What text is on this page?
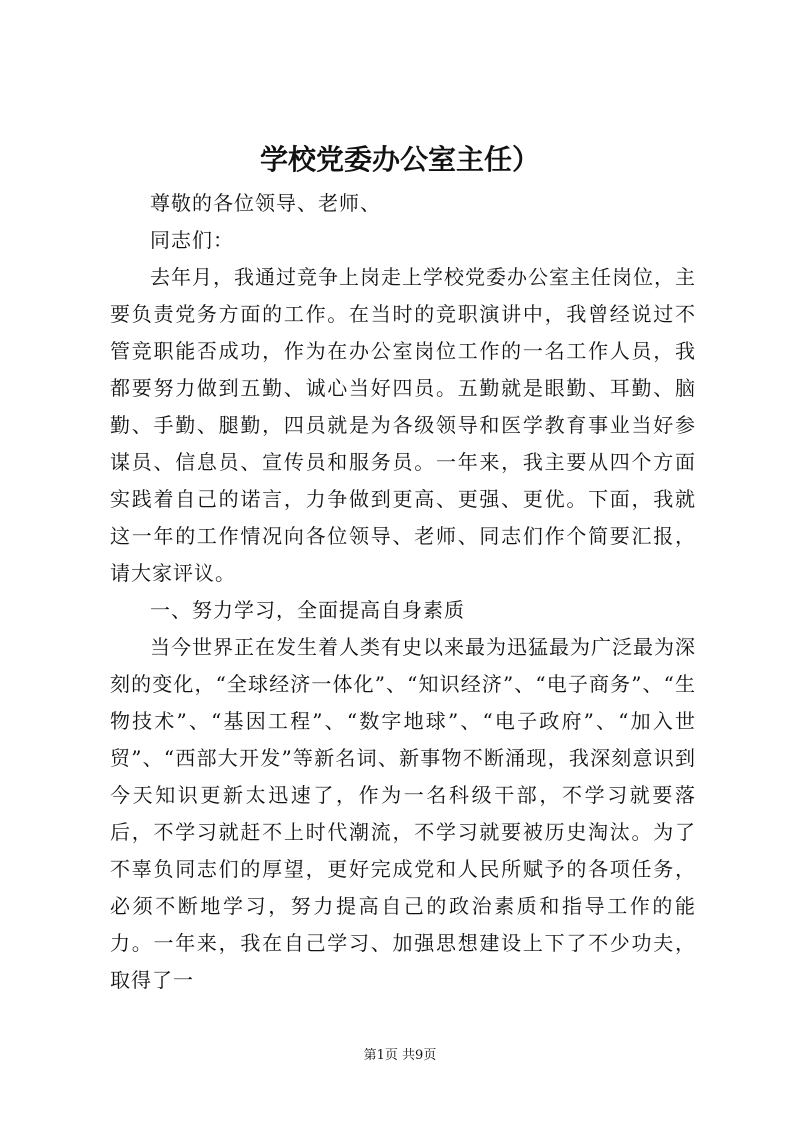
学校党委办公室主任）

尊敬的各位领导、老师、

同志们：

去年月，我通过竞争上岗走上学校党委办公室主任岗位，主要负责党务方面的工作。在当时的竞职演讲中，我曾经说过不管竞职能否成功，作为在办公室岗位工作的一名工作人员，我都要努力做到五勤、诚心当好四员。五勤就是眼勤、耳勤、脑勤、手勤、腿勤，四员就是为各级领导和医学教育事业当好参谋员、信息员、宣传员和服务员。一年来，我主要从四个方面实践着自己的诺言，力争做到更高、更强、更优。下面，我就这一年的工作情况向各位领导、老师、同志们作个简要汇报，请大家评议。

一、努力学习，全面提高自身素质

当今世界正在发生着人类有史以来最为迅猛最为广泛最为深刻的变化，“全球经济一体化”、“知识经济”、“电子商务”、“生物技术”、“基因工程”、“数字地球”、“电子政府”、“加入世贸”、“西部大开发”等新名词、新事物不断涌现，我深刻意识到今天知识更新太迅速了，作为一名科级干部，不学习就要落后，不学习就赶不上时代潮流，不学习就要被历史淘汰。为了不辜负同志们的厚望，更好完成党和人民所赋予的各项任务，必须不断地学习，努力提高自己的政治素质和指导工作的能力。一年来，我在自己学习、加强思想建设上下了不少功夫，取得了一

第1页 共9页
